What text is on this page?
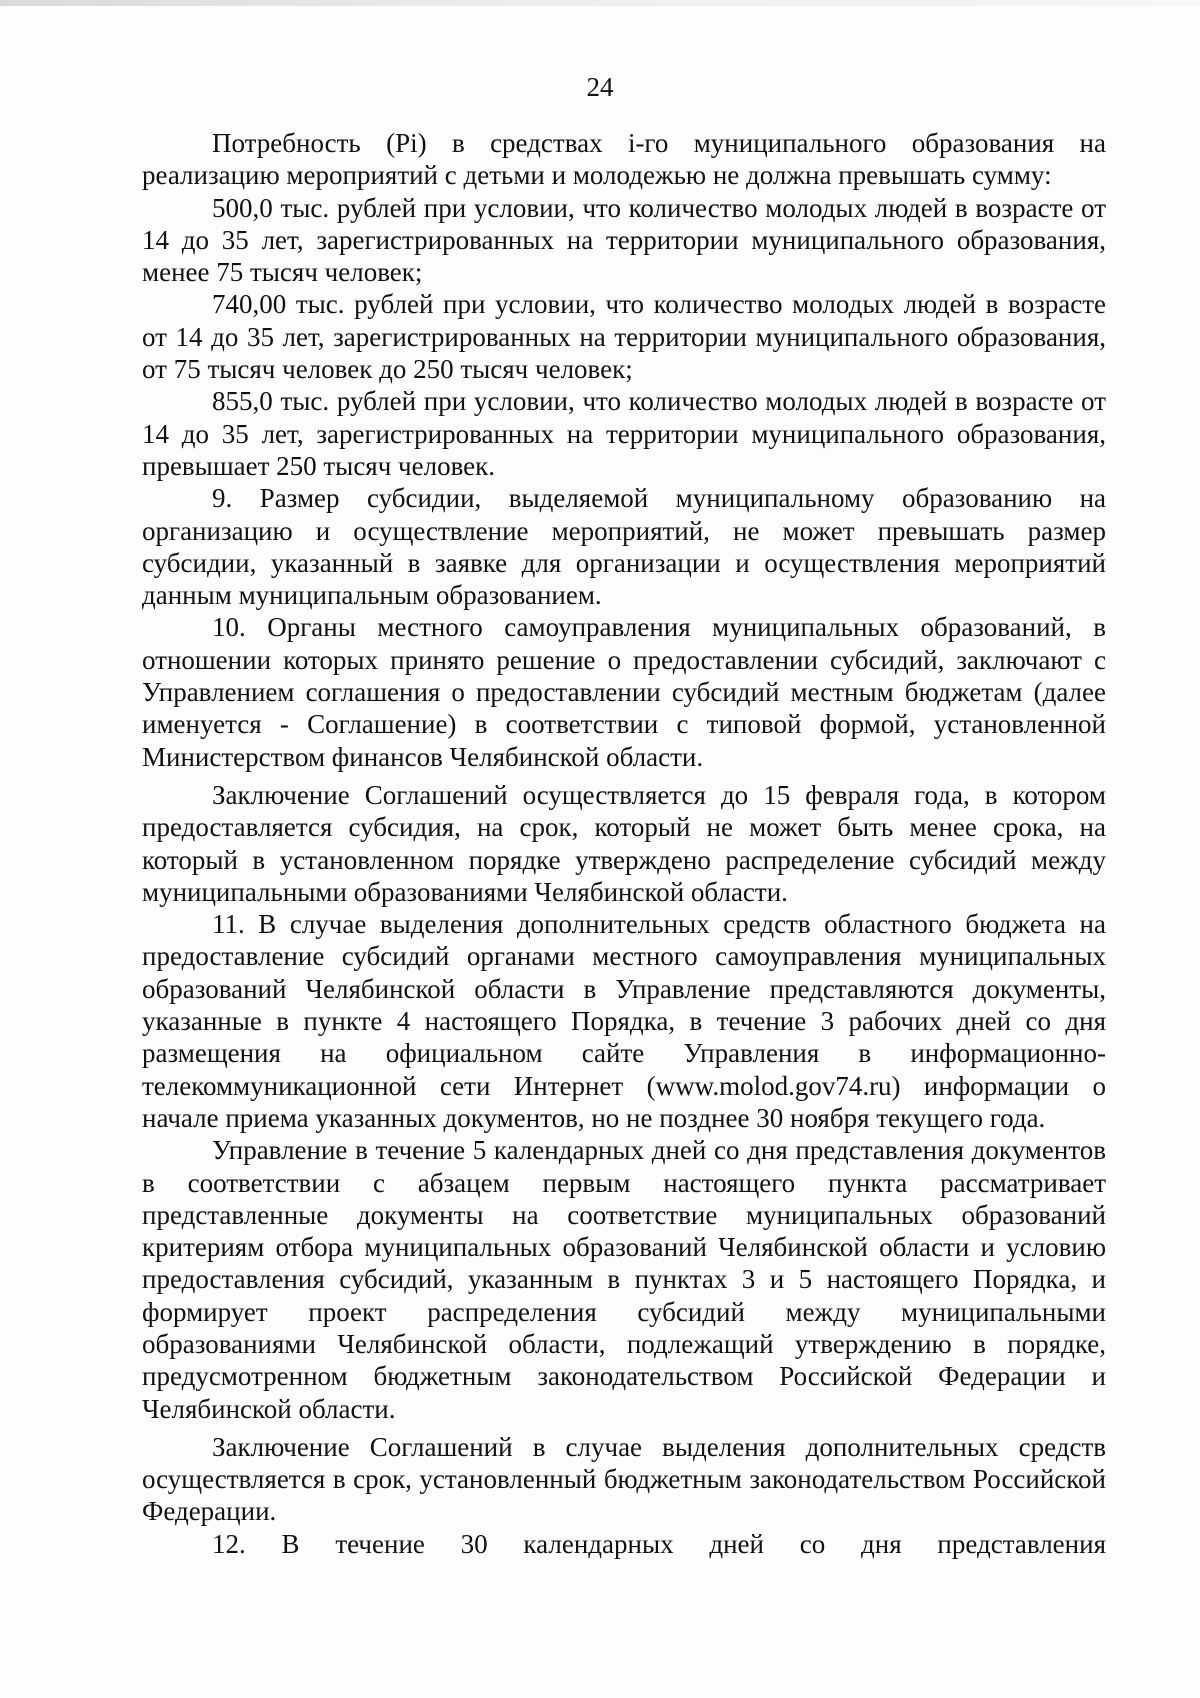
24

Потребность (Pi) в средствах i-го муниципального образования на реализацию мероприятий с детьми и молодежью не должна превышать сумму:

500,0 тыс. рублей при условии, что количество молодых людей в возрасте от 14 до 35 лет, зарегистрированных на территории муниципального образования, менее 75 тысяч человек;

740,00 тыс. рублей при условии, что количество молодых людей в возрасте от 14 до 35 лет, зарегистрированных на территории муниципального образования, от 75 тысяч человек до 250 тысяч человек;

855,0 тыс. рублей при условии, что количество молодых людей в возрасте от 14 до 35 лет, зарегистрированных на территории муниципального образования, превышает 250 тысяч человек.

9. Размер субсидии, выделяемой муниципальному образованию на организацию и осуществление мероприятий, не может превышать размер субсидии, указанный в заявке для организации и осуществления мероприятий данным муниципальным образованием.

10. Органы местного самоуправления муниципальных образований, в отношении которых принято решение о предоставлении субсидий, заключают с Управлением соглашения о предоставлении субсидий местным бюджетам (далее именуется - Соглашение) в соответствии с типовой формой, установленной Министерством финансов Челябинской области.

Заключение Соглашений осуществляется до 15 февраля года, в котором предоставляется субсидия, на срок, который не может быть менее срока, на который в установленном порядке утверждено распределение субсидий между муниципальными образованиями Челябинской области.

11. В случае выделения дополнительных средств областного бюджета на предоставление субсидий органами местного самоуправления муниципальных образований Челябинской области в Управление представляются документы, указанные в пункте 4 настоящего Порядка, в течение 3 рабочих дней со дня размещения на официальном сайте Управления в информационно-телекоммуникационной сети Интернет (www.molod.gov74.ru) информации о начале приема указанных документов, но не позднее 30 ноября текущего года.

Управление в течение 5 календарных дней со дня представления документов в соответствии с абзацем первым настоящего пункта рассматривает представленные документы на соответствие муниципальных образований критериям отбора муниципальных образований Челябинской области и условию предоставления субсидий, указанным в пунктах 3 и 5 настоящего Порядка, и формирует проект распределения субсидий между муниципальными образованиями Челябинской области, подлежащий утверждению в порядке, предусмотренном бюджетным законодательством Российской Федерации и Челябинской области.

Заключение Соглашений в случае выделения дополнительных средств осуществляется в срок, установленный бюджетным законодательством Российской Федерации.

12. В течение 30 календарных дней со дня представления
